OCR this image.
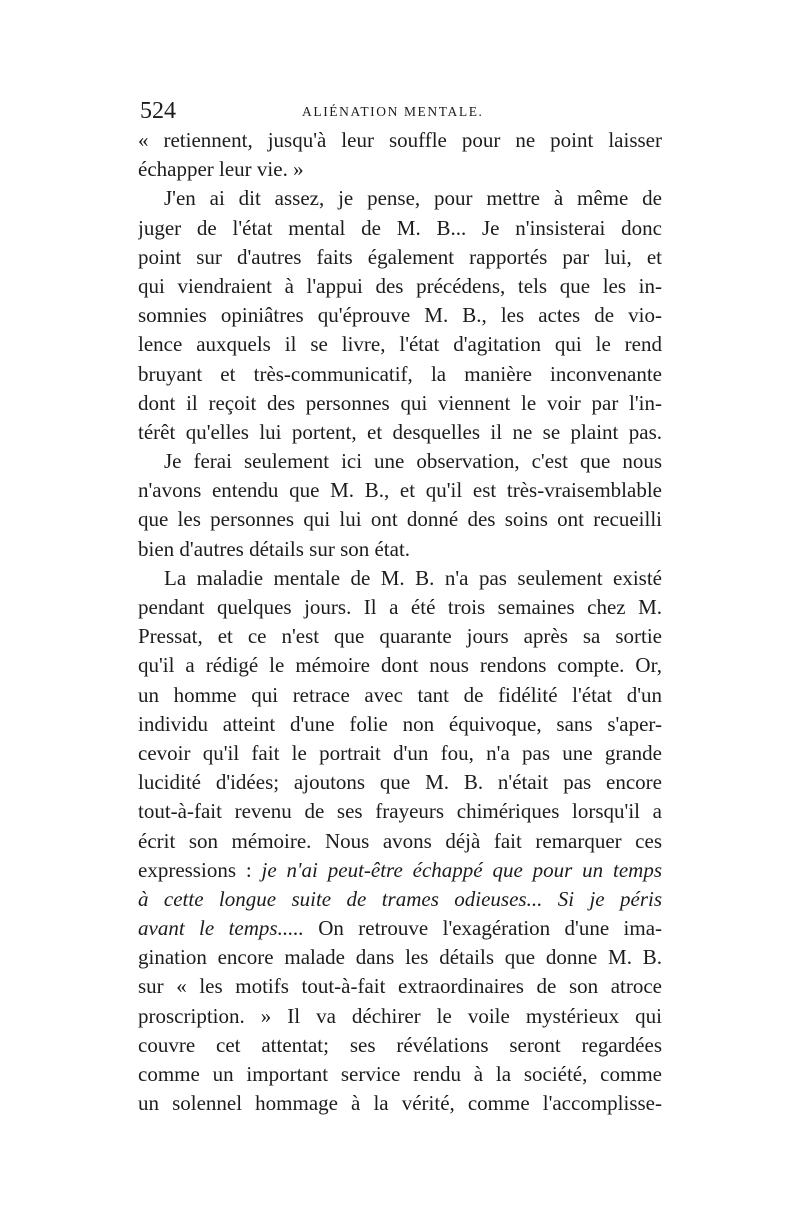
524	ALIÉNATION MENTALE.
« retiennent, jusqu'à leur souffle pour ne point laisser
échapper leur vie. »
J'en ai dit assez, je pense, pour mettre à même de
juger de l'état mental de M. B... Je n'insisterai donc
point sur d'autres faits également rapportés par lui, et
qui viendraient à l'appui des précédens, tels que les in-
somnies opiniâtres qu'éprouve M. B., les actes de vio-
lence auxquels il se livre, l'état d'agitation qui le rend
bruyant et très-communicatif, la manière inconvenante
dont il reçoit des personnes qui viennent le voir par l'in-
térêt qu'elles lui portent, et desquelles il ne se plaint pas.
Je ferai seulement ici une observation, c'est que nous
n'avons entendu que M. B., et qu'il est très-vraisemblable
que les personnes qui lui ont donné des soins ont recueilli
bien d'autres détails sur son état.
La maladie mentale de M. B. n'a pas seulement existé
pendant quelques jours. Il a été trois semaines chez M.
Pressat, et ce n'est que quarante jours après sa sortie
qu'il a rédigé le mémoire dont nous rendons compte. Or,
un homme qui retrace avec tant de fidélité l'état d'un
individu atteint d'une folie non équivoque, sans s'aper-
cevoir qu'il fait le portrait d'un fou, n'a pas une grande
lucidité d'idées; ajoutons que M. B. n'était pas encore
tout-à-fait revenu de ses frayeurs chimériques lorsqu'il a
écrit son mémoire. Nous avons déjà fait remarquer ces
expressions : je n'ai peut-être échappé que pour un temps
à cette longue suite de trames odieuses... Si je péris
avant le temps..... On retrouve l'exagération d'une ima-
gination encore malade dans les détails que donne M. B.
sur « les motifs tout-à-fait extraordinaires de son atroce
proscription. » Il va déchirer le voile mystérieux qui
couvre cet attentat; ses révélations seront regardées
comme un important service rendu à la société, comme
un solennel hommage à la vérité, comme l'accomplisse-
